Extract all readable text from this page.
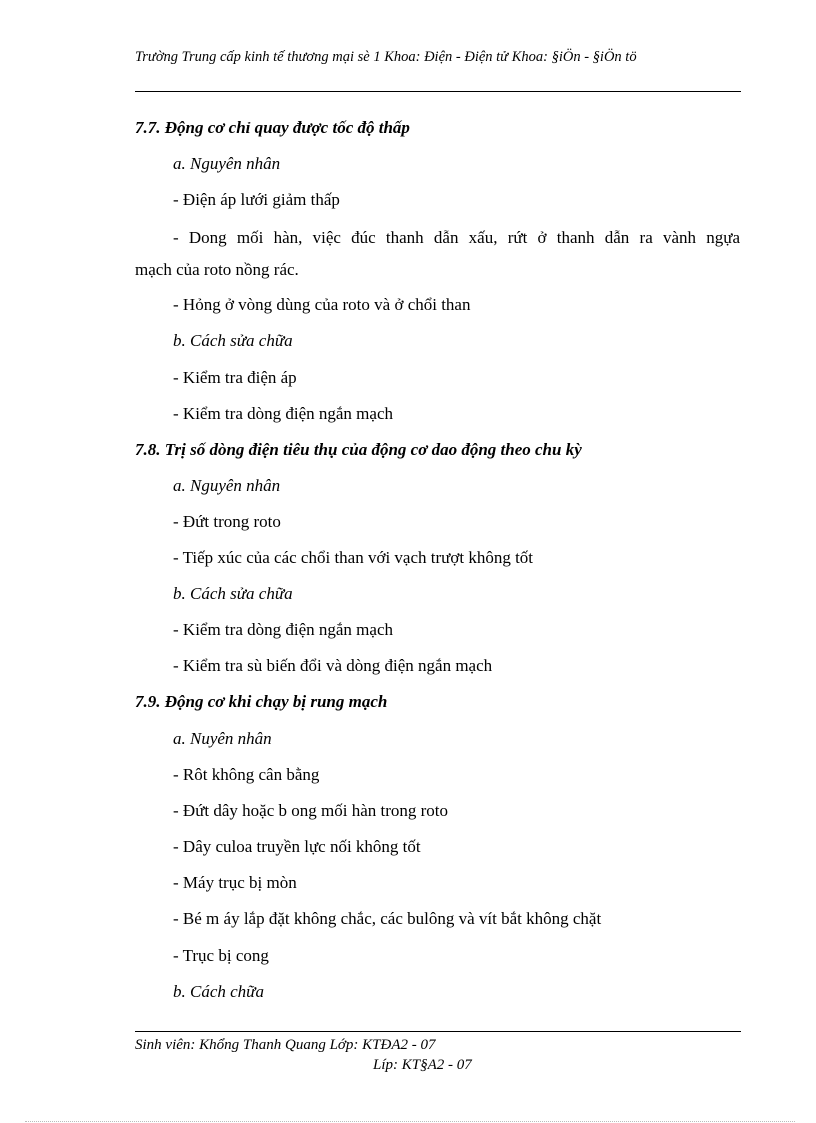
Trường Trung cấp kinh tế thương mại sè 1 Khoa: Điện - Điện tử Khoa: §iÖn - §iÖn tö
7.7. Động cơ chỉ quay được tốc độ thấp
a. Nguyên nhân
- Điện áp lưới giảm thấp
- Dong mối hàn, việc đúc thanh dẫn xấu, rứt ở thanh dẫn ra vành ngựa
mạch của roto nồng rác.
- Hỏng ở vòng dùng của roto và ở chổi than
b. Cách sửa chữa
- Kiểm tra điện áp
- Kiểm tra dòng điện ngắn mạch
7.8. Trị số dòng điện tiêu thụ của động cơ dao động theo chu kỳ
a. Nguyên nhân
- Đứt trong roto
- Tiếp xúc của các chổi than với vạch trượt không tốt
b. Cách sửa chữa
- Kiểm tra dòng điện ngắn mạch
- Kiểm tra sù biến đổi và dòng điện ngắn mạch
7.9. Động cơ khi chạy bị rung mạch
a. Nuyên nhân
- Rôt không cân bằng
- Đứt dây hoặc b ong mối hàn trong roto
- Dây culoa truyền lực nối không tốt
- Máy trục bị mòn
- Bé m áy lắp đặt không chắc, các bulông và vít bắt không chặt
- Trục bị cong
b. Cách chữa
Sinh viên: Khổng Thanh Quang Lớp: KTĐA2 - 07
Líp: KT§A2 - 07
